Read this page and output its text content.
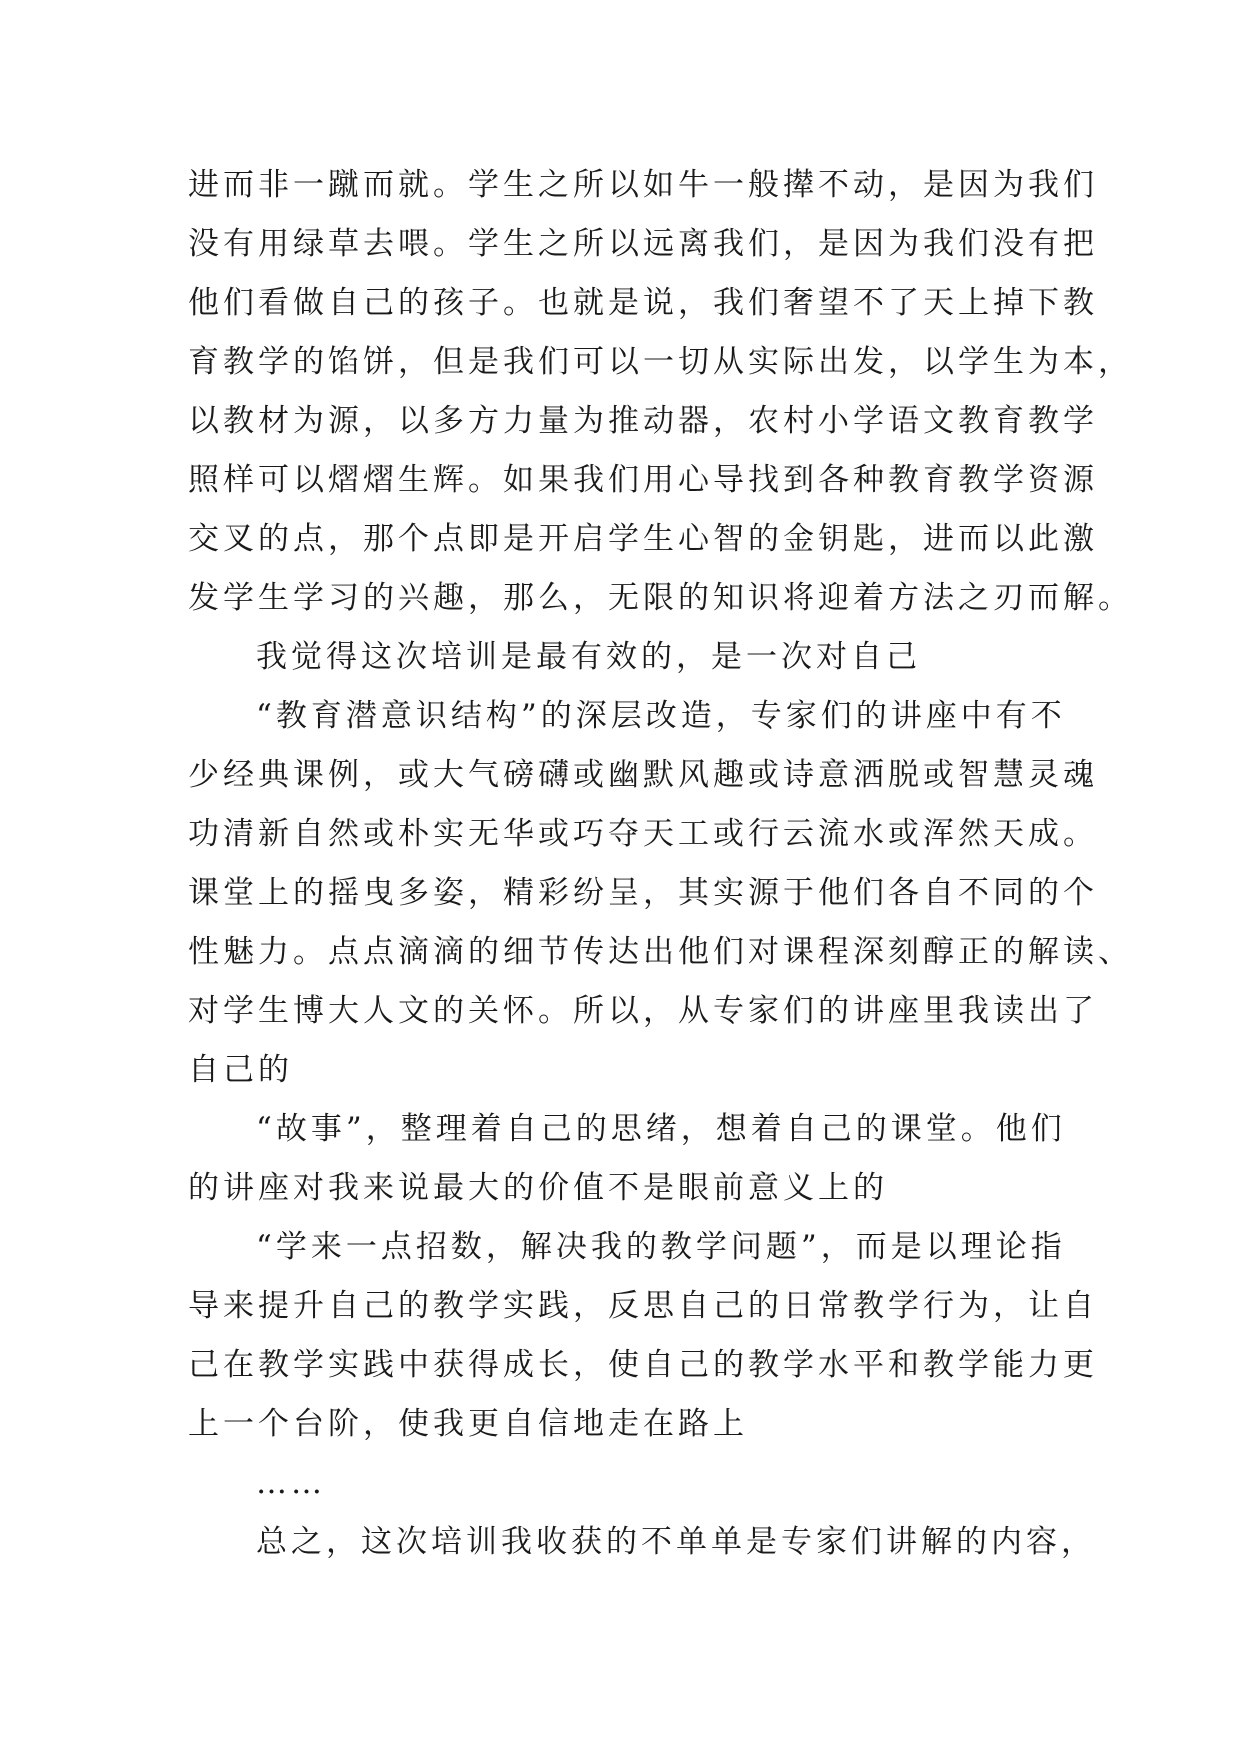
进而非一蹴而就。学生之所以如牛一般撵不动，是因为我们
没有用绿草去喂。学生之所以远离我们，是因为我们没有把
他们看做自己的孩子。也就是说，我们奢望不了天上掉下教
育教学的馅饼，但是我们可以一切从实际出发，以学生为本，
以教材为源，以多方力量为推动器，农村小学语文教育教学
照样可以熠熠生辉。如果我们用心导找到各种教育教学资源
交叉的点，那个点即是开启学生心智的金钥匙，进而以此激
发学生学习的兴趣，那么，无限的知识将迎着方法之刃而解。
我觉得这次培训是最有效的，是一次对自己
“教育潜意识结构”的深层改造，专家们的讲座中有不
少经典课例，或大气磅礴或幽默风趣或诗意洒脱或智慧灵魂
功清新自然或朴实无华或巧夺天工或行云流水或浑然天成。
课堂上的摇曳多姿，精彩纷呈，其实源于他们各自不同的个
性魅力。点点滴滴的细节传达出他们对课程深刻醇正的解读、
对学生博大人文的关怀。所以，从专家们的讲座里我读出了
自己的
“故事”，整理着自己的思绪，想着自己的课堂。他们
的讲座对我来说最大的价值不是眼前意义上的
“学来一点招数，解决我的教学问题”，而是以理论指
导来提升自己的教学实践，反思自己的日常教学行为，让自
己在教学实践中获得成长，使自己的教学水平和教学能力更
上一个台阶，使我更自信地走在路上
……
总之，这次培训我收获的不单单是专家们讲解的内容，
